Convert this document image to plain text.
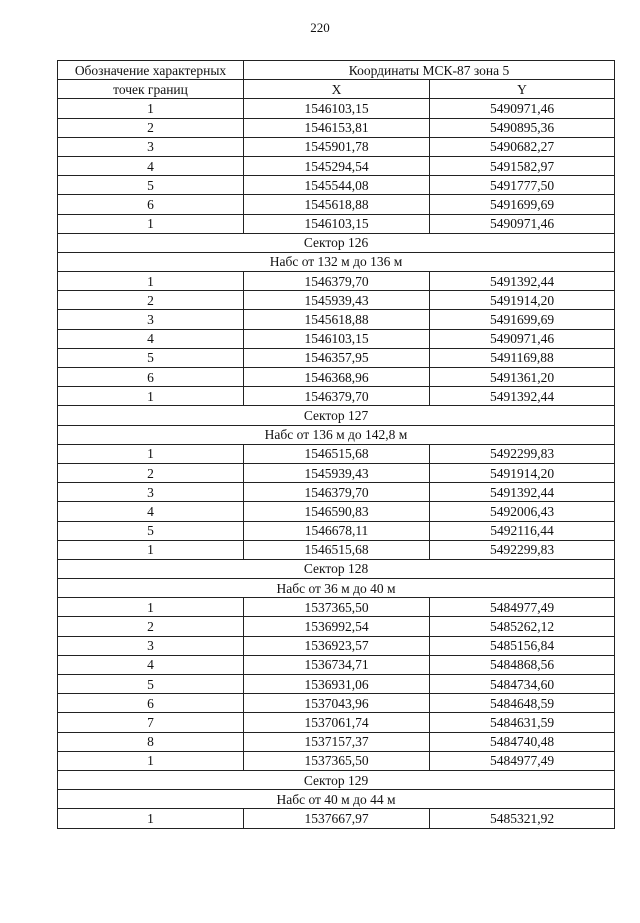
220
Обозначение характерных	Координаты МСК-87 зона 5	
точек границ	X	Y
1	1546103,15	5490971,46
2	1546153,81	5490895,36
3	1545901,78	5490682,27
4	1545294,54	5491582,97
5	1545544,08	5491777,50
6	1545618,88	5491699,69
1	1546103,15	5490971,46
Сектор 126		
Набс от 132 м до 136 м		
1	1546379,70	5491392,44
2	1545939,43	5491914,20
3	1545618,88	5491699,69
4	1546103,15	5490971,46
5	1546357,95	5491169,88
6	1546368,96	5491361,20
1	1546379,70	5491392,44
Сектор 127		
Набс от 136 м до 142,8 м		
1	1546515,68	5492299,83
2	1545939,43	5491914,20
3	1546379,70	5491392,44
4	1546590,83	5492006,43
5	1546678,11	5492116,44
1	1546515,68	5492299,83
Сектор 128		
Набс от 36 м до 40 м		
1	1537365,50	5484977,49
2	1536992,54	5485262,12
3	1536923,57	5485156,84
4	1536734,71	5484868,56
5	1536931,06	5484734,60
6	1537043,96	5484648,59
7	1537061,74	5484631,59
8	1537157,37	5484740,48
1	1537365,50	5484977,49
Сектор 129		
Набс от 40 м до 44 м		
1	1537667,97	5485321,92
